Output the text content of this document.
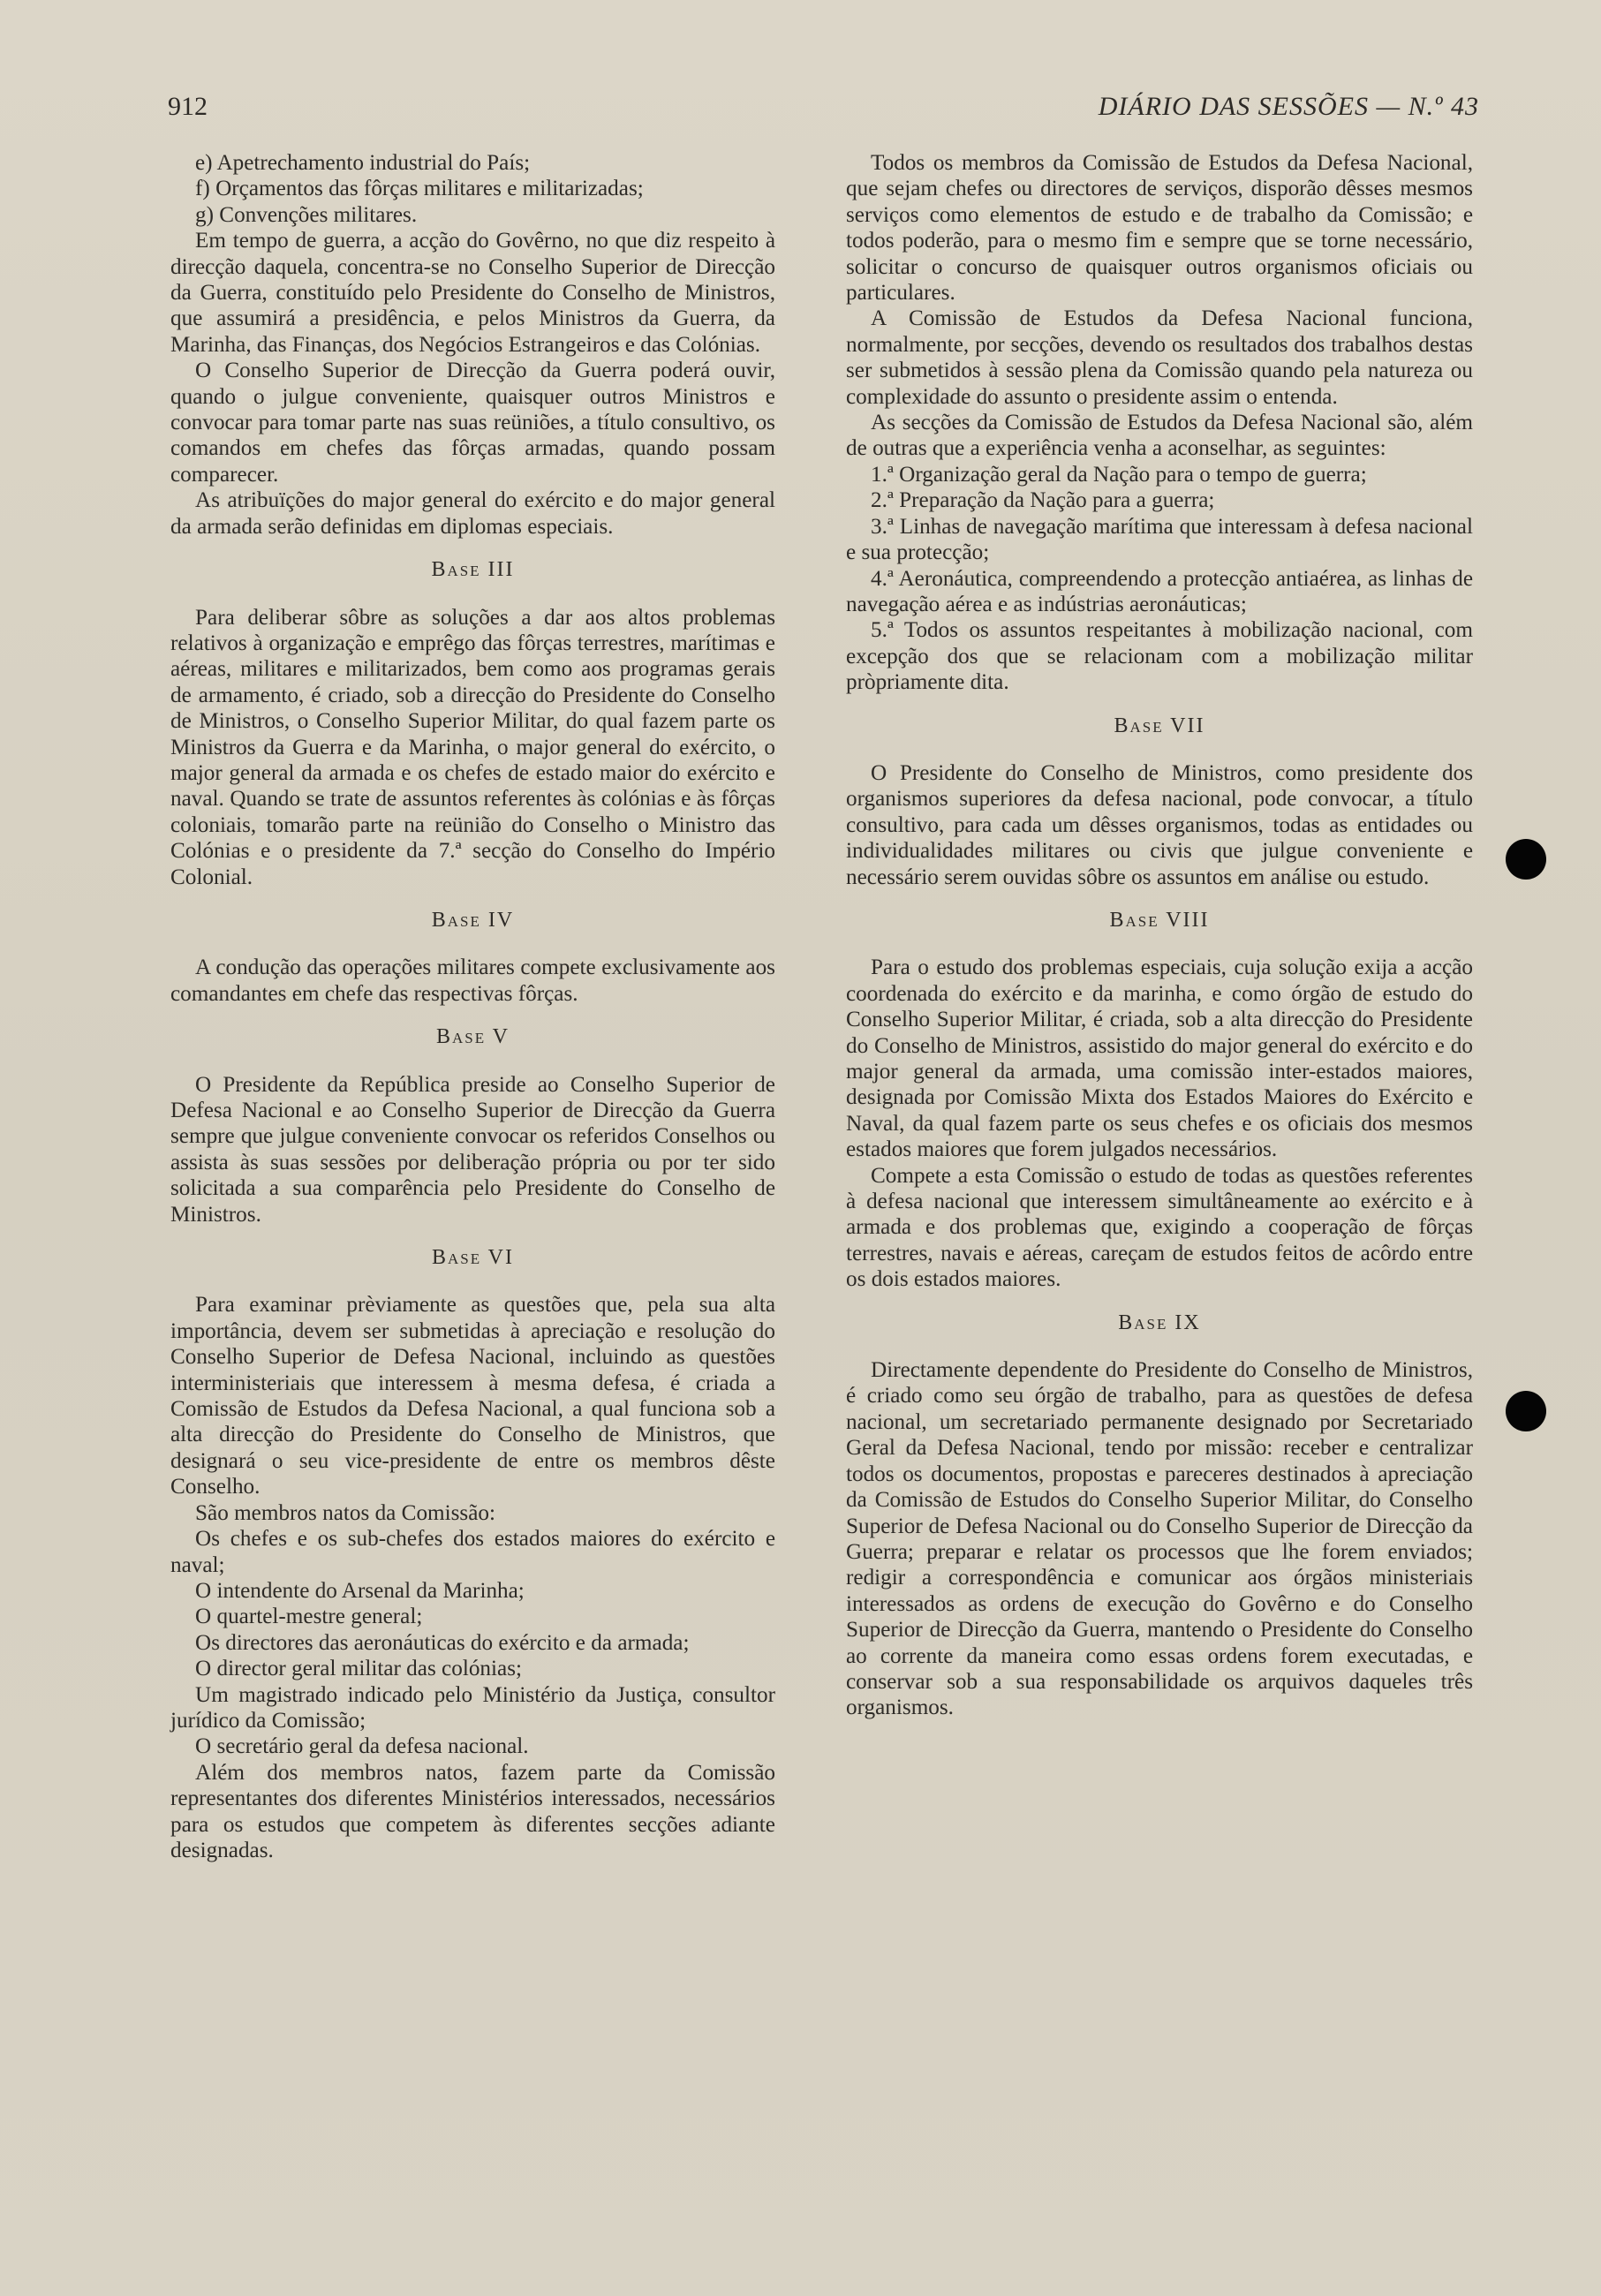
912	DIÁRIO DAS SESSÕES — N.º 43

e) Apetrechamento industrial do País;

f) Orçamentos das fôrças militares e militarizadas;

g) Convenções militares.

Em tempo de guerra, a acção do Govêrno, no que diz respeito à direcção daquela, concentra-se no Conselho Superior de Direcção da Guerra, constituído pelo Presidente do Conselho de Ministros, que assumirá a presidência, e pelos Ministros da Guerra, da Marinha, das Finanças, dos Negócios Estrangeiros e das Colónias.

O Conselho Superior de Direcção da Guerra poderá ouvir, quando o julgue conveniente, quaisquer outros Ministros e convocar para tomar parte nas suas reüniões, a título consultivo, os comandos em chefes das fôrças armadas, quando possam comparecer.

As atribuïções do major general do exército e do major general da armada serão definidas em diplomas especiais.

Base III

Para deliberar sôbre as soluções a dar aos altos problemas relativos à organização e emprêgo das fôrças terrestres, marítimas e aéreas, militares e militarizados, bem como aos programas gerais de armamento, é criado, sob a direcção do Presidente do Conselho de Ministros, o Conselho Superior Militar, do qual fazem parte os Ministros da Guerra e da Marinha, o major general do exército, o major general da armada e os chefes de estado maior do exército e naval. Quando se trate de assuntos referentes às colónias e às fôrças coloniais, tomarão parte na reünião do Conselho o Ministro das Colónias e o presidente da 7.ª secção do Conselho do Império Colonial.

Base IV

A condução das operações militares compete exclusivamente aos comandantes em chefe das respectivas fôrças.

Base V

O Presidente da República preside ao Conselho Superior de Defesa Nacional e ao Conselho Superior de Direcção da Guerra sempre que julgue conveniente convocar os referidos Conselhos ou assista às suas sessões por deliberação própria ou por ter sido solicitada a sua comparência pelo Presidente do Conselho de Ministros.

Base VI

Para examinar prèviamente as questões que, pela sua alta importância, devem ser submetidas à apreciação e resolução do Conselho Superior de Defesa Nacional, incluindo as questões interministeriais que interessem à mesma defesa, é criada a Comissão de Estudos da Defesa Nacional, a qual funciona sob a alta direcção do Presidente do Conselho de Ministros, que designará o seu vice-presidente de entre os membros dêste Conselho.

São membros natos da Comissão:

Os chefes e os sub-chefes dos estados maiores do exército e naval;

O intendente do Arsenal da Marinha;

O quartel-mestre general;

Os directores das aeronáuticas do exército e da armada;

O director geral militar das colónias;

Um magistrado indicado pelo Ministério da Justiça, consultor jurídico da Comissão;

O secretário geral da defesa nacional.

Além dos membros natos, fazem parte da Comissão representantes dos diferentes Ministérios interessados, necessários para os estudos que competem às diferentes secções adiante designadas.

Todos os membros da Comissão de Estudos da Defesa Nacional, que sejam chefes ou directores de serviços, disporão dêsses mesmos serviços como elementos de estudo e de trabalho da Comissão; e todos poderão, para o mesmo fim e sempre que se torne necessário, solicitar o concurso de quaisquer outros organismos oficiais ou particulares.

A Comissão de Estudos da Defesa Nacional funciona, normalmente, por secções, devendo os resultados dos trabalhos destas ser submetidos à sessão plena da Comissão quando pela natureza ou complexidade do assunto o presidente assim o entenda.

As secções da Comissão de Estudos da Defesa Nacional são, além de outras que a experiência venha a aconselhar, as seguintes:

1.ª Organização geral da Nação para o tempo de guerra;

2.ª Preparação da Nação para a guerra;

3.ª Linhas de navegação marítima que interessam à defesa nacional e sua protecção;

4.ª Aeronáutica, compreendendo a protecção antiaérea, as linhas de navegação aérea e as indústrias aeronáuticas;

5.ª Todos os assuntos respeitantes à mobilização nacional, com excepção dos que se relacionam com a mobilização militar pròpriamente dita.

Base VII

O Presidente do Conselho de Ministros, como presidente dos organismos superiores da defesa nacional, pode convocar, a título consultivo, para cada um dêsses organismos, todas as entidades ou individualidades militares ou civis que julgue conveniente e necessário serem ouvidas sôbre os assuntos em análise ou estudo.

Base VIII

Para o estudo dos problemas especiais, cuja solução exija a acção coordenada do exército e da marinha, e como órgão de estudo do Conselho Superior Militar, é criada, sob a alta direcção do Presidente do Conselho de Ministros, assistido do major general do exército e do major general da armada, uma comissão inter-estados maiores, designada por Comissão Mixta dos Estados Maiores do Exército e Naval, da qual fazem parte os seus chefes e os oficiais dos mesmos estados maiores que forem julgados necessários.

Compete a esta Comissão o estudo de todas as questões referentes à defesa nacional que interessem simultâneamente ao exército e à armada e dos problemas que, exigindo a cooperação de fôrças terrestres, navais e aéreas, careçam de estudos feitos de acôrdo entre os dois estados maiores.

Base IX

Directamente dependente do Presidente do Conselho de Ministros, é criado como seu órgão de trabalho, para as questões de defesa nacional, um secretariado permanente designado por Secretariado Geral da Defesa Nacional, tendo por missão: receber e centralizar todos os documentos, propostas e pareceres destinados à apreciação da Comissão de Estudos do Conselho Superior Militar, do Conselho Superior de Defesa Nacional ou do Conselho Superior de Direcção da Guerra; preparar e relatar os processos que lhe forem enviados; redigir a correspondência e comunicar aos órgãos ministeriais interessados as ordens de execução do Govêrno e do Conselho Superior de Direcção da Guerra, mantendo o Presidente do Conselho ao corrente da maneira como essas ordens forem executadas, e conservar sob a sua responsabilidade os arquivos daqueles três organismos.
